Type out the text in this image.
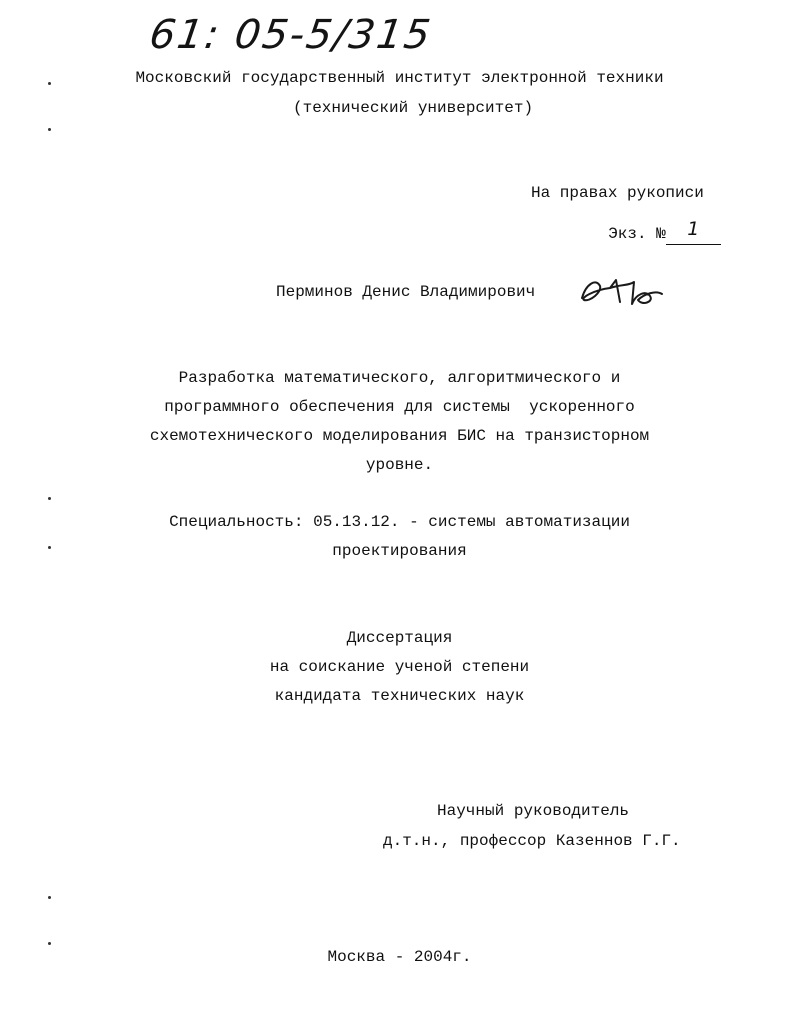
61: 05-5/315
Московский государственный институт электронной техники
(технический университет)
На правах рукописи

Экз. № 1

Перминов Денис Владимирович
Разработка математического, алгоритмического и
программного обеспечения для системы  ускоренного
схемотехнического моделирования БИС на транзисторном
уровне.
Специальность: 05.13.12. - системы автоматизации
проектирования
Диссертация
на соискание ученой степени
кандидата технических наук
Научный руководитель
д.т.н., профессор Казеннов Г.Г.
Москва - 2004г.
